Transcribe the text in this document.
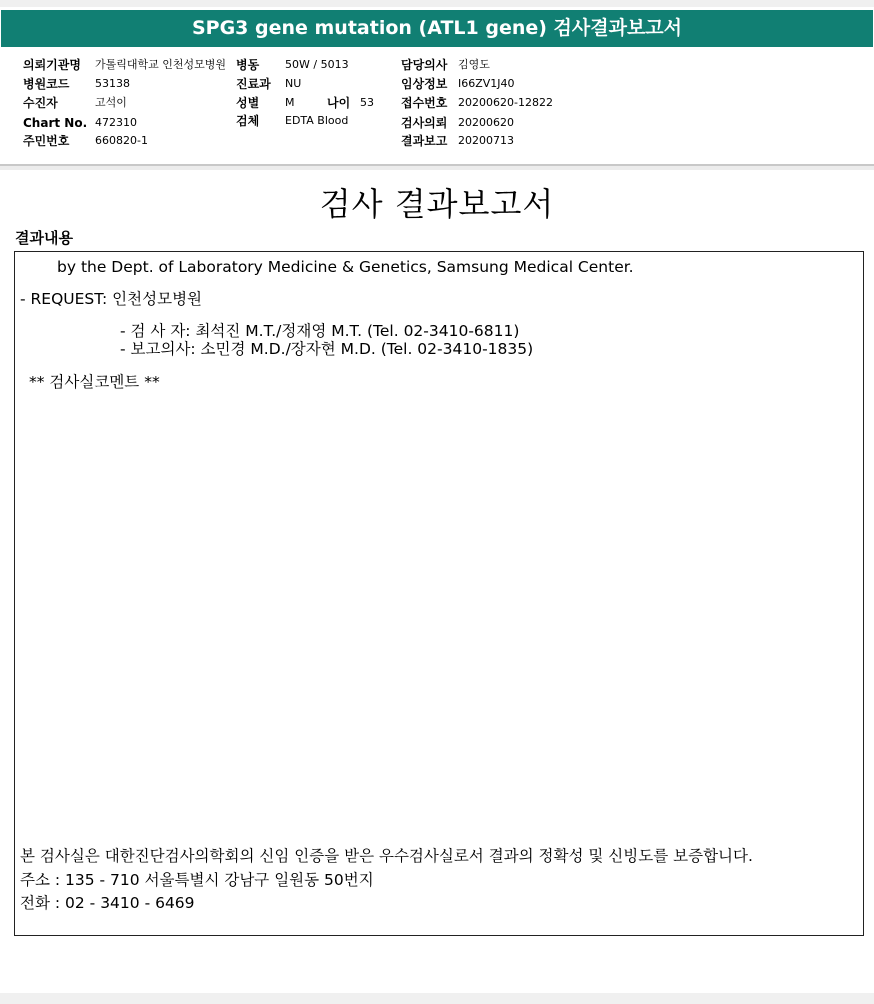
SPG3 gene mutation (ATL1 gene) 검사결과보고서
의뢰기관명 가톨릭대학교 인천성모병원 병동 50W / 5013	담당의사 김영도
병원코드 53138	진료과 NU	임상정보 I66ZV1J40
수진자	고석이	성별 M	나이 53 접수번호 20200620-12822
Chart No. 472310	검체 EDTA Blood	검사의뢰 20200620
주민번호 660820-1	결과보고 20200713
검사 결과보고서
결과내용
by the Dept. of Laboratory Medicine & Genetics, Samsung Medical Center.
- REQUEST: 인천성모병원
- 검 사 자: 최석진 M.T./정재영 M.T. (Tel. 02-3410-6811)
- 보고의사: 소민경 M.D./장자현 M.D. (Tel. 02-3410-1835)
** 검사실코멘트 **
본 검사실은 대한진단검사의학회의 신임 인증을 받은 우수검사실로서 결과의 정확성 및 신빙도를 보증합니다.
주소 : 135 - 710 서울특별시 강남구 일원동 50번지
전화 : 02 - 3410 - 6469
